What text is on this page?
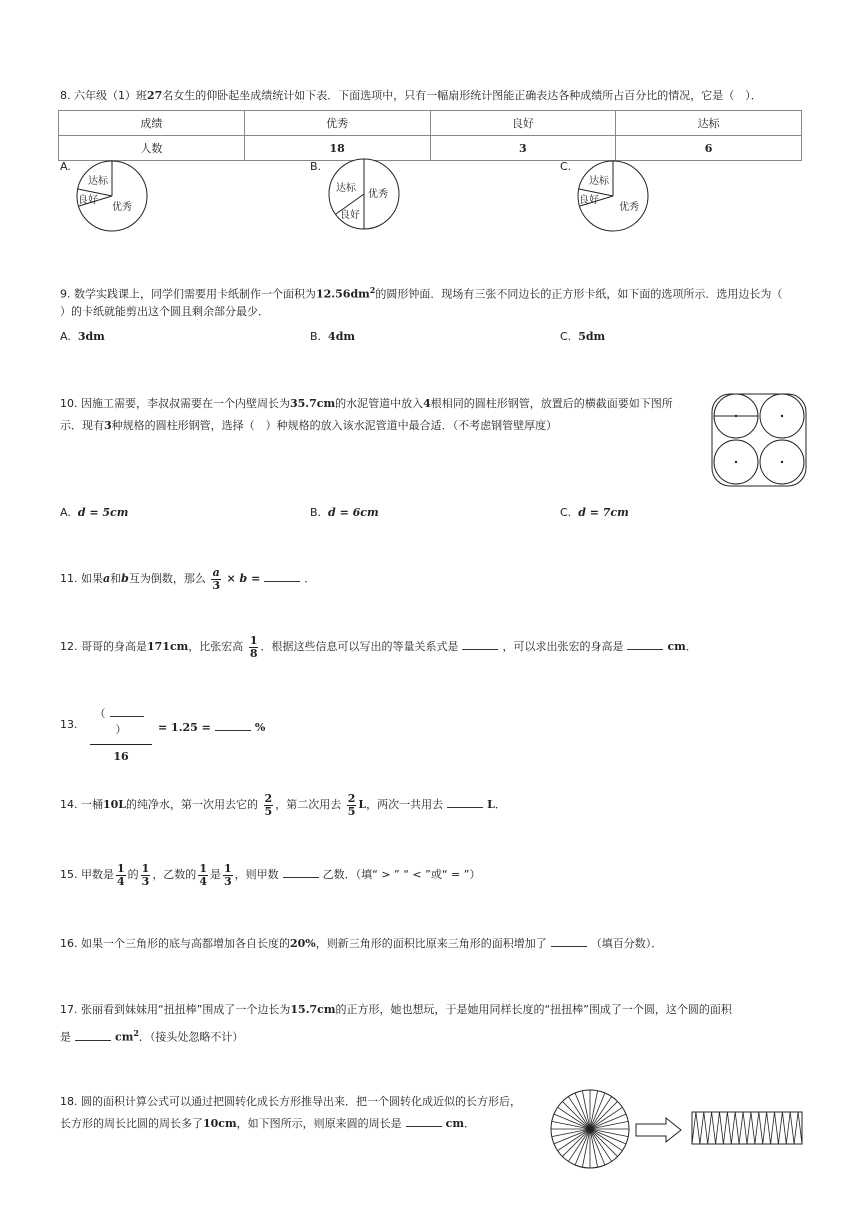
8. 六年级（1）班27名女生的仰卧起坐成绩统计如下表．下面选项中，只有一幅扇形统计图能正确表达各种成绩所占百分比的情况，它是（　）．
成绩	优秀	良好	达标
人数	18	3	6
A.
达标
良好
优秀
B.
达标
优秀
良好
C.
达标
良好
优秀
9. 数学实践课上，同学们需要用卡纸制作一个面积为$12.56dm^2$的圆形钟面．现场有三张不同边长的正方形卡纸，如下面的选项所示．选用边长为（
）的卡纸就能剪出这个圆且剩余部分最少．
A. 3dm	B. 4dm	C. 5dm
10. 因施工需要，李叔叔需要在一个内壁周长为35.7cm的水泥管道中放入4根相同的圆柱形钢管，放置后的横截面要如下图所
示．现有3种规格的圆柱形钢管，选择（　）种规格的放入该水泥管道中最合适．（不考虑钢管壁厚度）
A. d = 5cm	B. d = 6cm	C. d = 7cm
11. 如果a和b互为倒数，那么 $\frac{a}{3} \times b$ =	．
12. 哥哥的身高是171cm，比张宏高 $\frac{1}{8}$ ．根据这些信息可以写出的等量关系式是	，可以求出张宏的身高是	cm．
13.
（）
16
= 1.25 =	%
14. 一桶10L的纯净水，第一次用去它的 $\frac{2}{5}$ ，第二次用去 $\frac{2}{5}$ L，两次一共用去	L．
15. 甲数是 $\frac{1}{4}$ 的 $\frac{1}{3}$ ，乙数的 $\frac{1}{4}$ 是 $\frac{1}{3}$ ，则甲数	乙数．（填“ > ” “ < ”或“ = ”）
16. 如果一个三角形的底与高都增加各自长度的20%，则新三角形的面积比原来三角形的面积增加了	（填百分数）．
17. 张丽看到妹妹用“扭扭棒”围成了一个边长为15.7cm的正方形，她也想玩，于是她用同样长度的“扭扭棒”围成了一个圆，这个圆的面积
是	$cm^2$．（接头处忽略不计）
18. 圆的面积计算公式可以通过把圆转化成长方形推导出来．把一个圆转化成近似的长方形后，
长方形的周长比圆的周长多了10cm，如下图所示，则原来圆的周长是	cm．
